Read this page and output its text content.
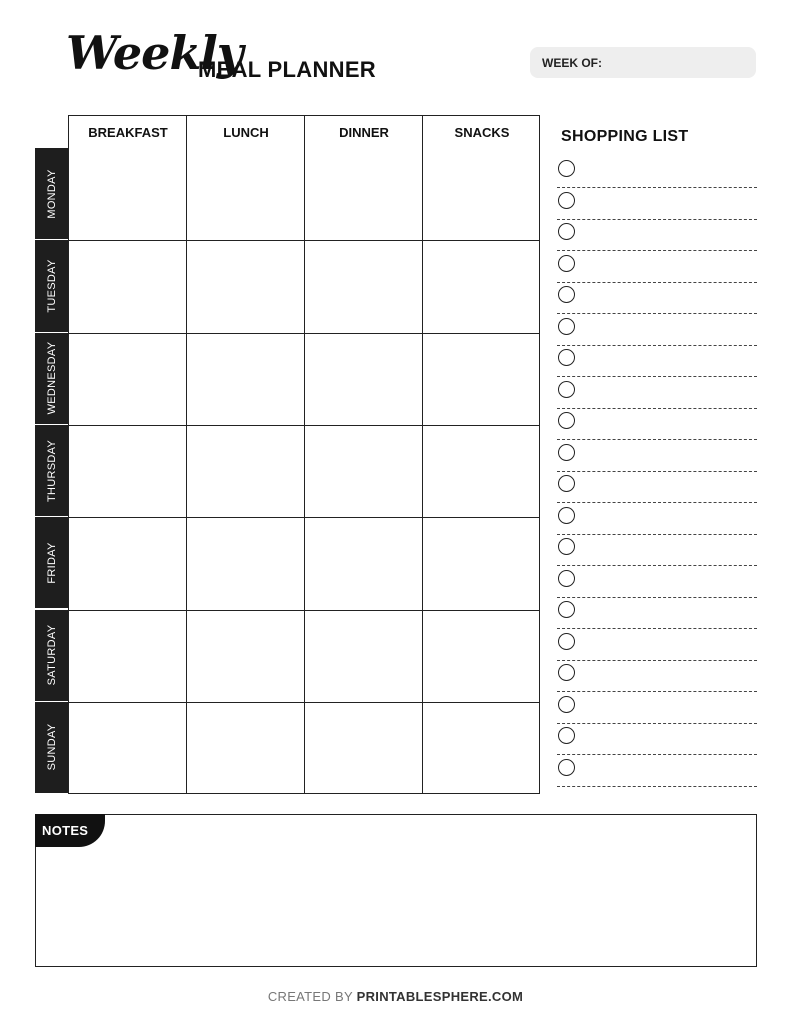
Weekly
MEAL PLANNER	WEEK OF:
BREAKFAST	LUNCH	DINNER	SNACKS
MONDAY
TUESDAY
WEDNESDAY
THURSDAY
FRIDAY
SATURDAY
SUNDAY
SHOPPING LIST
NOTES
CREATED BY PRINTABLESPHERE.COM
